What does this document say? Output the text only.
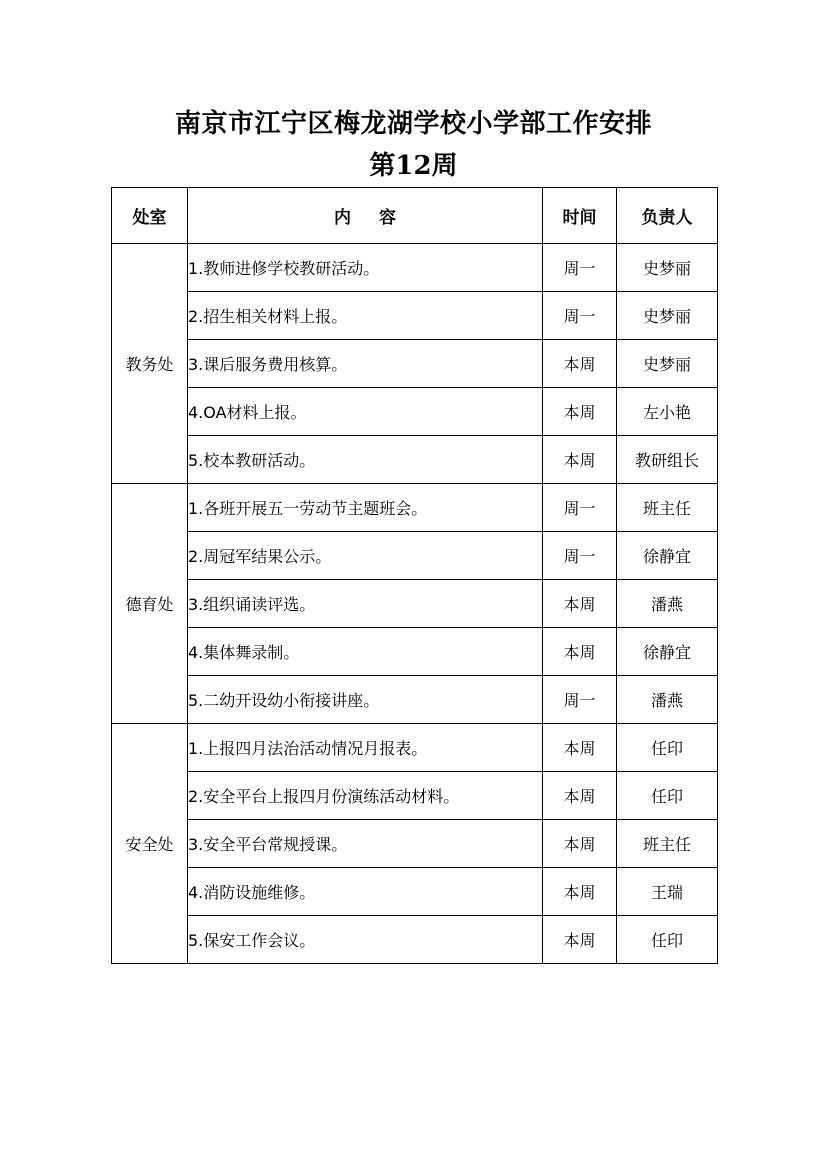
南京市江宁区梅龙湖学校小学部工作安排
第12周
处室	内容	时间	负责人
教务处	1.教师进修学校教研活动。	周一	史梦丽
	2.招生相关材料上报。	周一	史梦丽
	3.课后服务费用核算。	本周	史梦丽
	4.OA材料上报。	本周	左小艳
	5.校本教研活动。	本周	教研组长
德育处	1.各班开展五一劳动节主题班会。	周一	班主任
	2.周冠军结果公示。	周一	徐静宜
	3.组织诵读评选。	本周	潘燕
	4.集体舞录制。	本周	徐静宜
	5.二幼开设幼小衔接讲座。	周一	潘燕
安全处	1.上报四月法治活动情况月报表。	本周	任印
	2.安全平台上报四月份演练活动材料。	本周	任印
	3.安全平台常规授课。	本周	班主任
	4.消防设施维修。	本周	王瑞
	5.保安工作会议。	本周	任印
